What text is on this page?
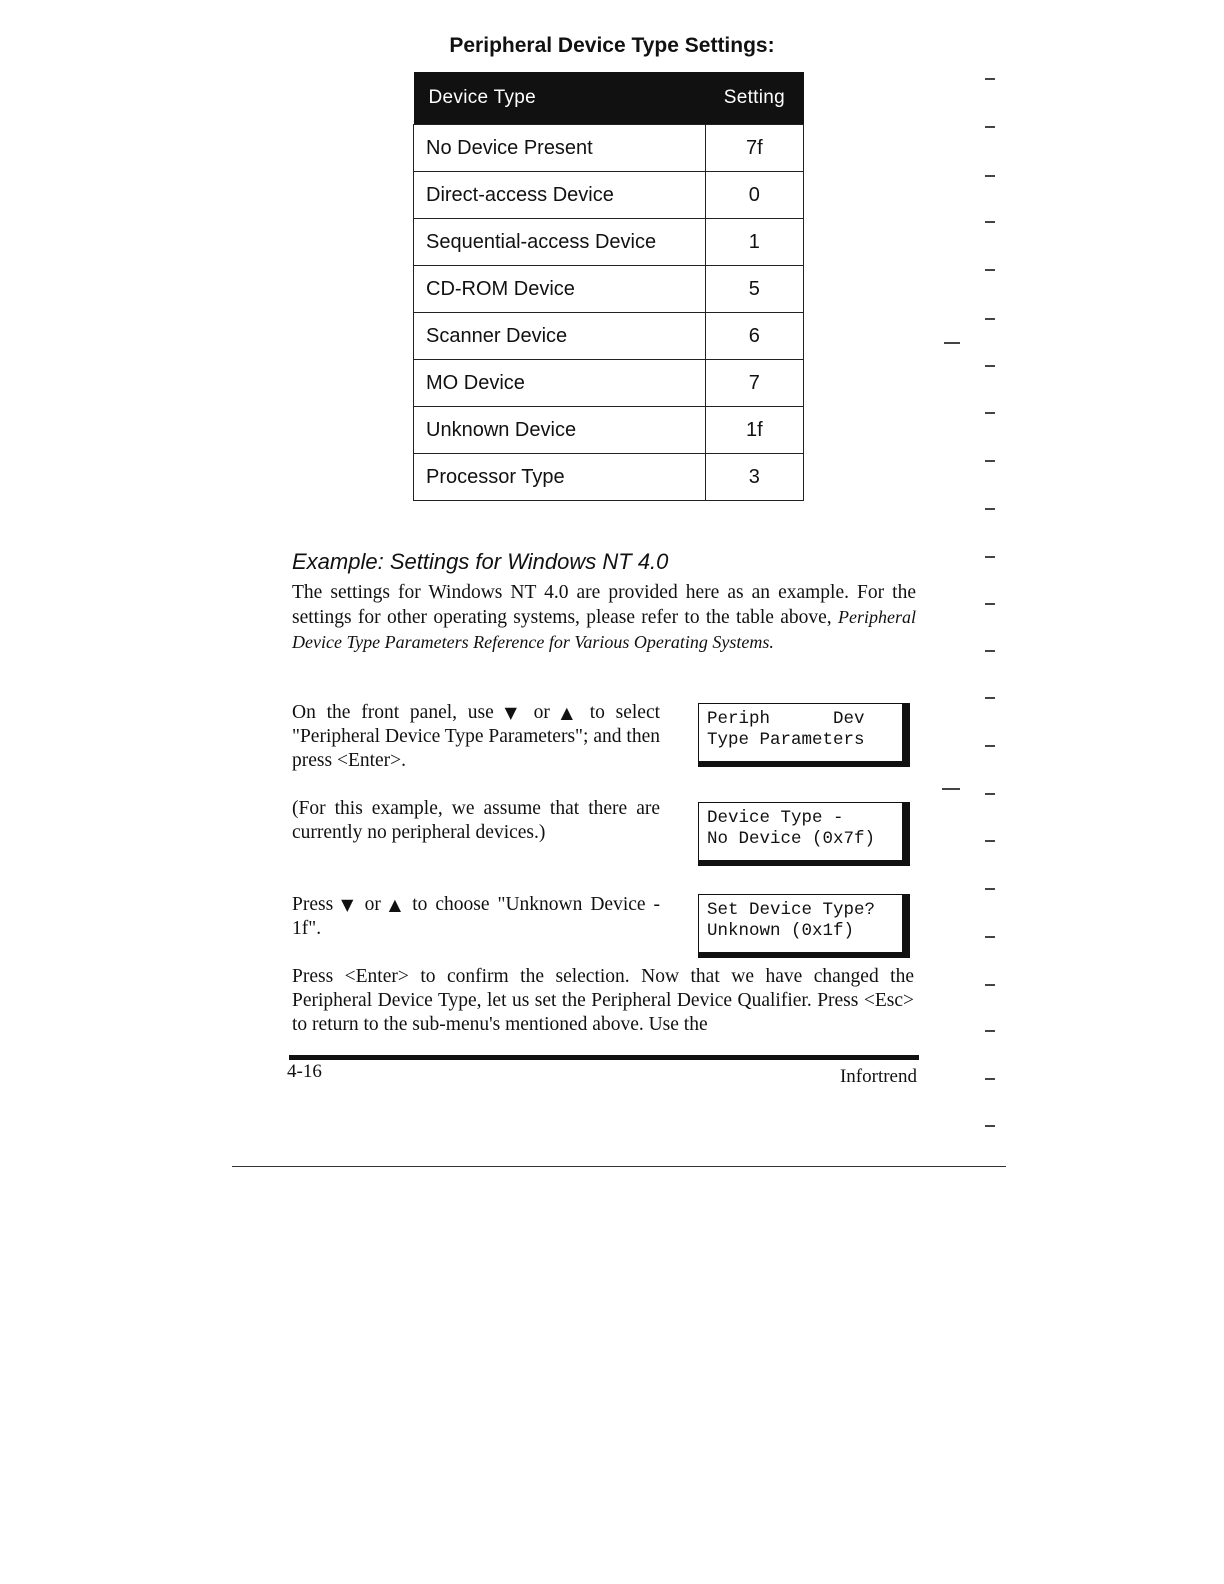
Peripheral Device Type Settings:
Device Type	Setting
No Device Present	7f
Direct-access Device	0
Sequential-access Device	1
CD-ROM Device	5
Scanner Device	6
MO Device	7
Unknown Device	1f
Processor Type	3
Example: Settings for Windows NT 4.0
The settings for Windows NT 4.0 are provided here as an example. For the settings for other operating systems, please refer to the table above, Peripheral Device Type Parameters Reference for Various Operating Systems.
On the front panel, use ▼ or ▲ to select "Peripheral Device Type Parameters"; and then press <Enter>.
Periph      Dev
Type Parameters
(For this example, we assume that there are currently no peripheral devices.)
Device Type -
No Device (0x7f)
Press ▼ or ▲ to choose "Unknown Device - 1f".
Set Device Type?
Unknown (0x1f)
Press <Enter> to confirm the selection. Now that we have changed the Peripheral Device Type, let us set the Peripheral Device Qualifier. Press <Esc> to return to the sub-menu's mentioned above. Use the
4-16	Infortrend
